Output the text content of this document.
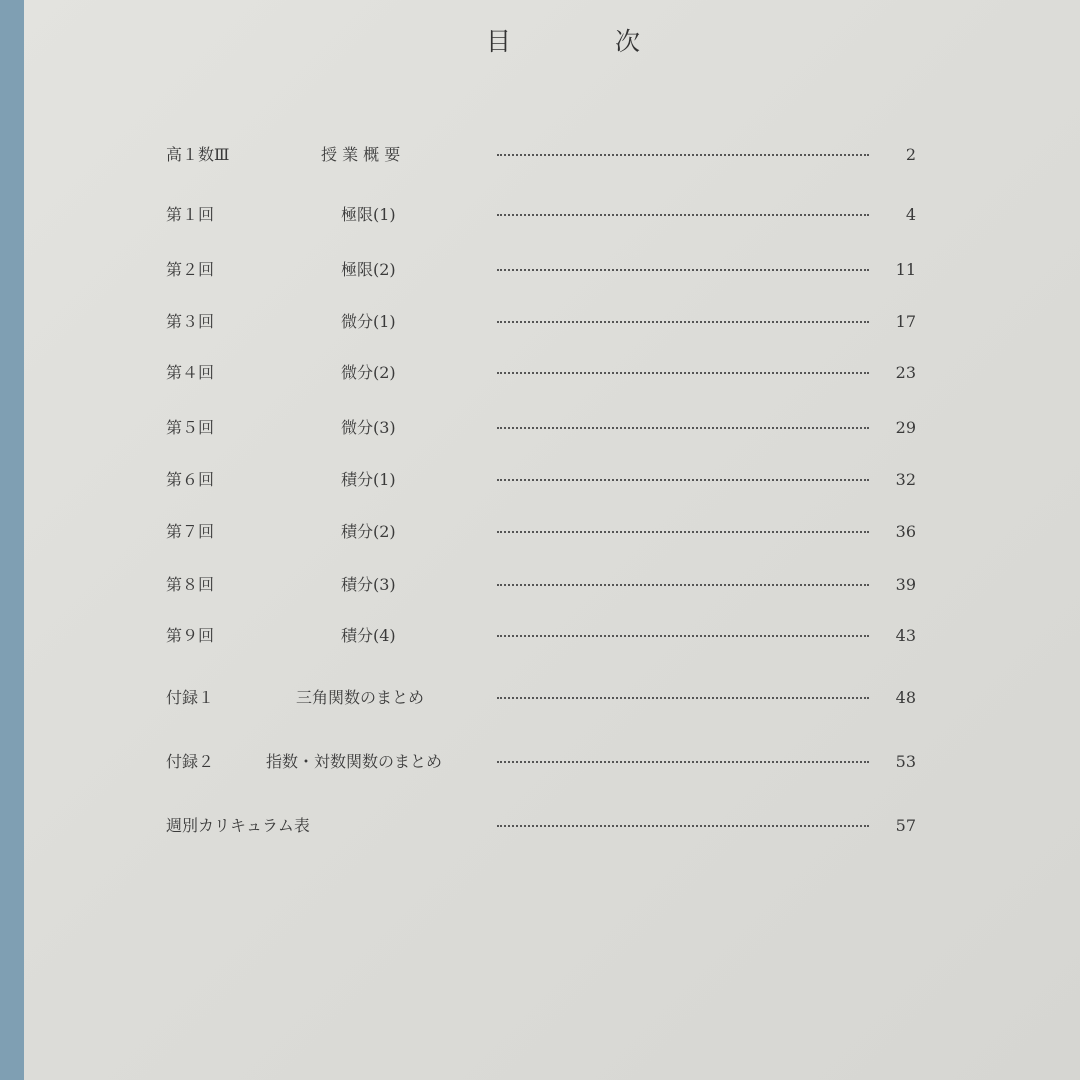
目 次
高１数Ⅲ	授 業 概 要	2
第１回	極限(1)	4
第２回	極限(2)	11
第３回	微分(1)	17
第４回	微分(2)	23
第５回	微分(3)	29
第６回	積分(1)	32
第７回	積分(2)	36
第８回	積分(3)	39
第９回	積分(4)	43
付録１	三角関数のまとめ	48
付録２	指数・対数関数のまとめ	53
週別カリキュラム表	57
